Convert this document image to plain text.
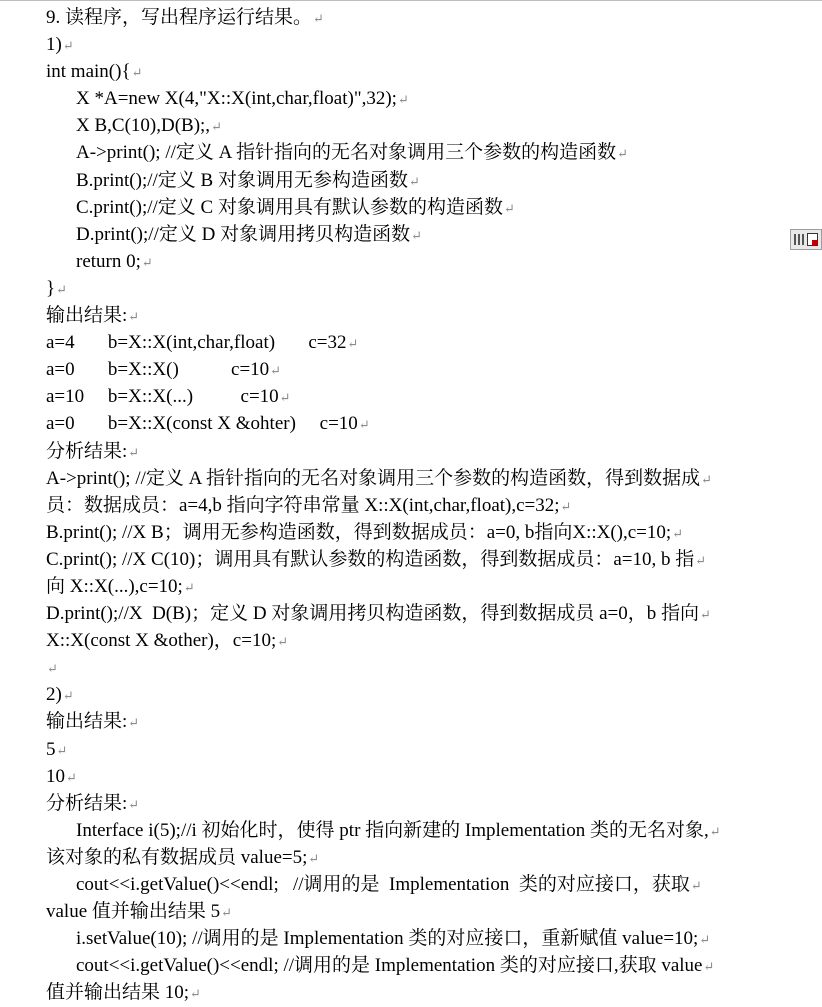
9. 读程序，写出程序运行结果。↵
1)↵
int main(){↵
X *A=new X(4,"X::X(int,char,float)",32);↵
X B,C(10),D(B);,↵
A->print(); //定义 A 指针指向的无名对象调用三个参数的构造函数↵
B.print();//定义 B 对象调用无参构造函数↵
C.print();//定义 C 对象调用具有默认参数的构造函数↵
D.print();//定义 D 对象调用拷贝构造函数↵
return 0;↵
}↵
输出结果:↵
a=4       b=X::X(int,char,float)       c=32↵
a=0       b=X::X()           c=10↵
a=10     b=X::X(...)          c=10↵
a=0       b=X::X(const X &ohter)     c=10↵
分析结果:↵
A->print(); //定义 A 指针指向的无名对象调用三个参数的构造函数，得到数据成↵
员：数据成员：a=4,b 指向字符串常量 X::X(int,char,float),c=32;↵
B.print(); //X B；调用无参构造函数，得到数据成员：a=0, b指向X::X(),c=10;↵
C.print(); //X C(10)；调用具有默认参数的构造函数，得到数据成员：a=10, b 指↵
向 X::X(...),c=10;↵
D.print();//X  D(B)；定义 D 对象调用拷贝构造函数，得到数据成员 a=0，b 指向↵
X::X(const X &other)，c=10;↵
↵
2)↵
输出结果:↵
5↵
10↵
分析结果:↵
Interface i(5);//i 初始化时，使得 ptr 指向新建的 Implementation 类的无名对象,↵
该对象的私有数据成员 value=5;↵
cout<<i.getValue()<<endl;   //调用的是  Implementation  类的对应接口，获取↵
value 值并输出结果 5↵
i.setValue(10); //调用的是 Implementation 类的对应接口，重新赋值 value=10;↵
cout<<i.getValue()<<endl; //调用的是 Implementation 类的对应接口,获取 value↵
值并输出结果 10;↵
